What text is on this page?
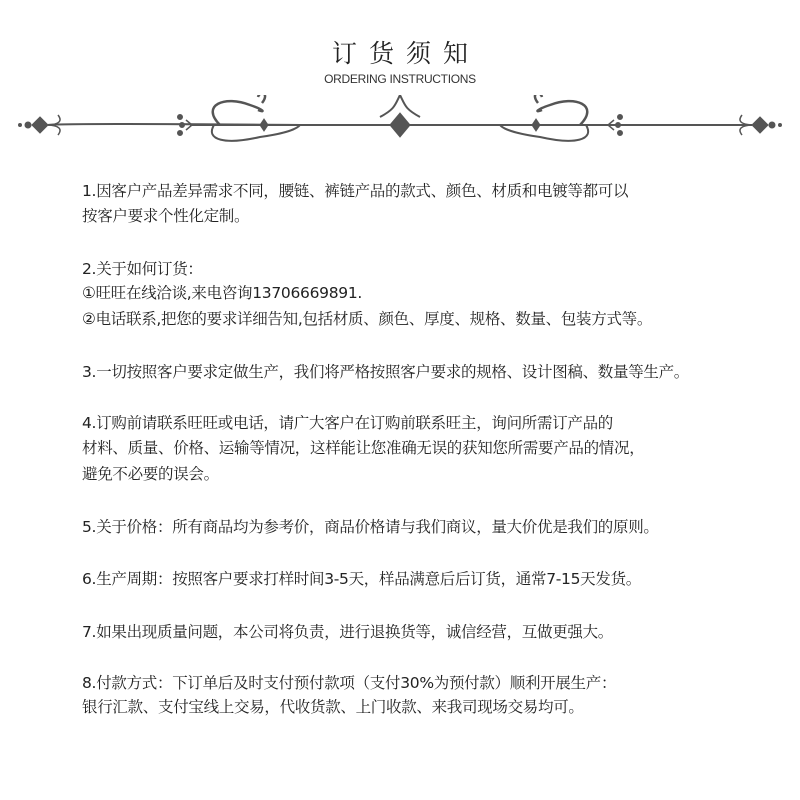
订货须知
ORDERING INSTRUCTIONS
1.因客户产品差异需求不同，腰链、裤链产品的款式、颜色、材质和电镀等都可以
按客户要求个性化定制。
2.关于如何订货：
①旺旺在线洽谈,来电咨询13706669891.
②电话联系,把您的要求详细告知,包括材质、颜色、厚度、规格、数量、包装方式等。
3.一切按照客户要求定做生产，我们将严格按照客户要求的规格、设计图稿、数量等生产。
4.订购前请联系旺旺或电话，请广大客户在订购前联系旺主，询问所需订产品的
材料、质量、价格、运输等情况，这样能让您准确无误的获知您所需要产品的情况，
避免不必要的误会。
5.关于价格：所有商品均为参考价，商品价格请与我们商议，量大价优是我们的原则。
6.生产周期：按照客户要求打样时间3-5天，样品满意后后订货，通常7-15天发货。
7.如果出现质量问题，本公司将负责，进行退换货等，诚信经营，互做更强大。
8.付款方式：下订单后及时支付预付款项（支付30%为预付款）顺利开展生产：
银行汇款、支付宝线上交易，代收货款、上门收款、来我司现场交易均可。
